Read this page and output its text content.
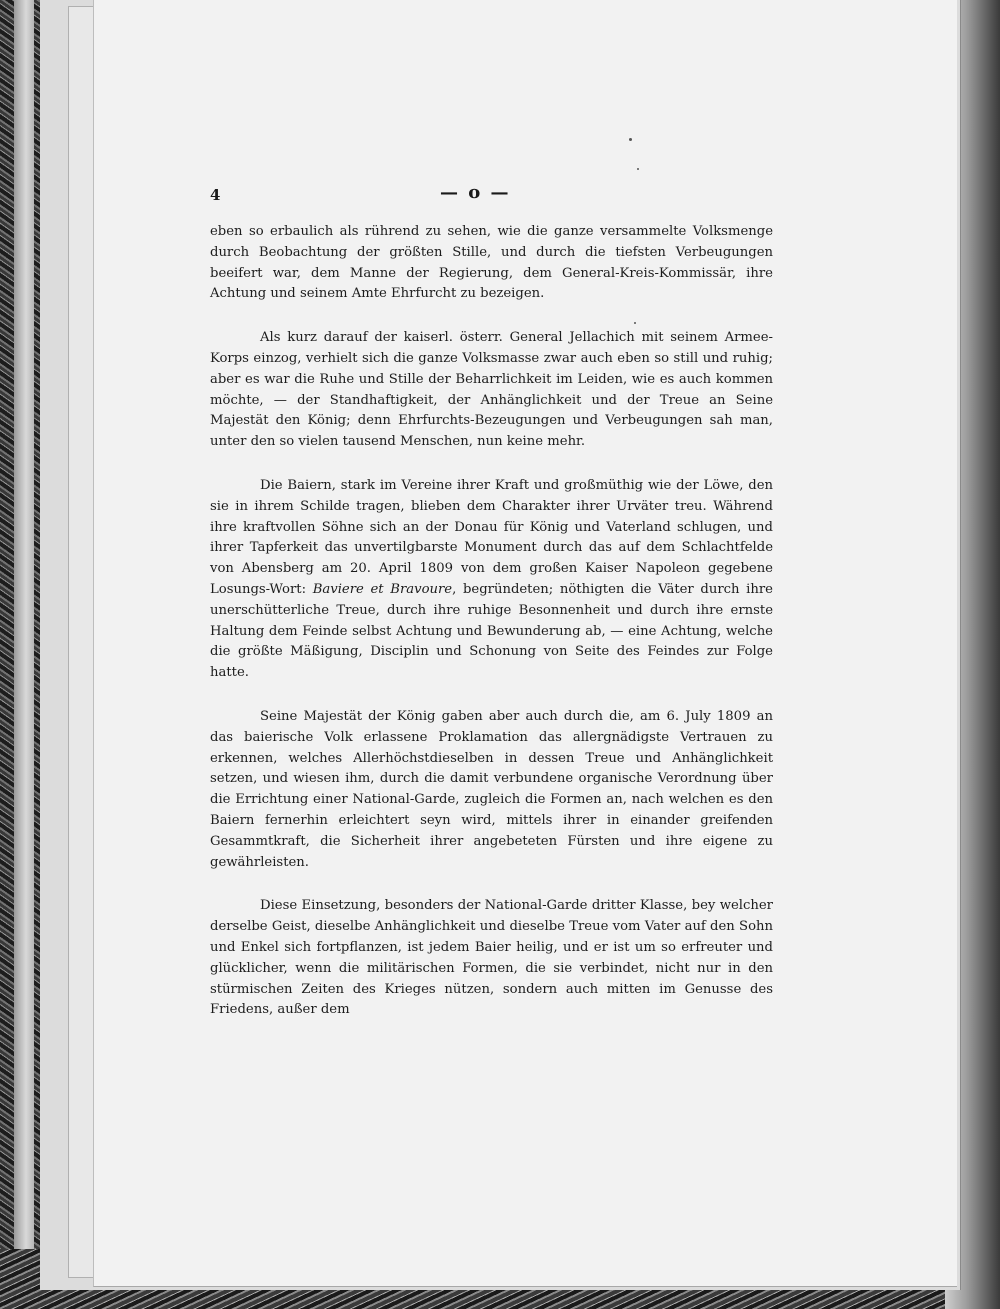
4	— o —

eben so erbaulich als rührend zu sehen, wie die ganze versammelte Volksmenge durch Beobachtung der größten Stille, und durch die tiefsten Verbeugungen beeifert war, dem Manne der Regierung, dem General-Kreis-Kommissär, ihre Achtung und seinem Amte Ehrfurcht zu bezeigen.

Als kurz darauf der kaiserl. österr. General Jellachich mit seinem Armee-Korps einzog, verhielt sich die ganze Volksmasse zwar auch eben so still und ruhig; aber es war die Ruhe und Stille der Beharrlichkeit im Leiden, wie es auch kommen möchte, — der Standhaftigkeit, der Anhänglichkeit und der Treue an Seine Majestät den König; denn Ehrfurchts-Bezeugungen und Verbeugungen sah man, unter den so vielen tausend Menschen, nun keine mehr.

Die Baiern, stark im Vereine ihrer Kraft und großmüthig wie der Löwe, den sie in ihrem Schilde tragen, blieben dem Charakter ihrer Urväter treu. Während ihre kraftvollen Söhne sich an der Donau für König und Vaterland schlugen, und ihrer Tapferkeit das unvertilgbarste Monument durch das auf dem Schlachtfelde von Abensberg am 20. April 1809 von dem großen Kaiser Napoleon gegebene Losungs-Wort: Baviere et Bravoure, begründeten; nöthigten die Väter durch ihre unerschütterliche Treue, durch ihre ruhige Besonnenheit und durch ihre ernste Haltung dem Feinde selbst Achtung und Bewunderung ab, — eine Achtung, welche die größte Mäßigung, Disciplin und Schonung von Seite des Feindes zur Folge hatte.

Seine Majestät der König gaben aber auch durch die, am 6. July 1809 an das baierische Volk erlassene Proklamation das allergnädigste Vertrauen zu erkennen, welches Allerhöchstdieselben in dessen Treue und Anhänglichkeit setzen, und wiesen ihm, durch die damit verbundene organische Verordnung über die Errichtung einer National-Garde, zugleich die Formen an, nach welchen es den Baiern fernerhin erleichtert seyn wird, mittels ihrer in einander greifenden Gesammtkraft, die Sicherheit ihrer angebeteten Fürsten und ihre eigene zu gewährleisten.

Diese Einsetzung, besonders der National-Garde dritter Klasse, bey welcher derselbe Geist, dieselbe Anhänglichkeit und dieselbe Treue vom Vater auf den Sohn und Enkel sich fortpflanzen, ist jedem Baier heilig, und er ist um so erfreuter und glücklicher, wenn die militärischen Formen, die sie verbindet, nicht nur in den stürmischen Zeiten des Krieges nützen, sondern auch mitten im Genusse des Friedens, außer dem
